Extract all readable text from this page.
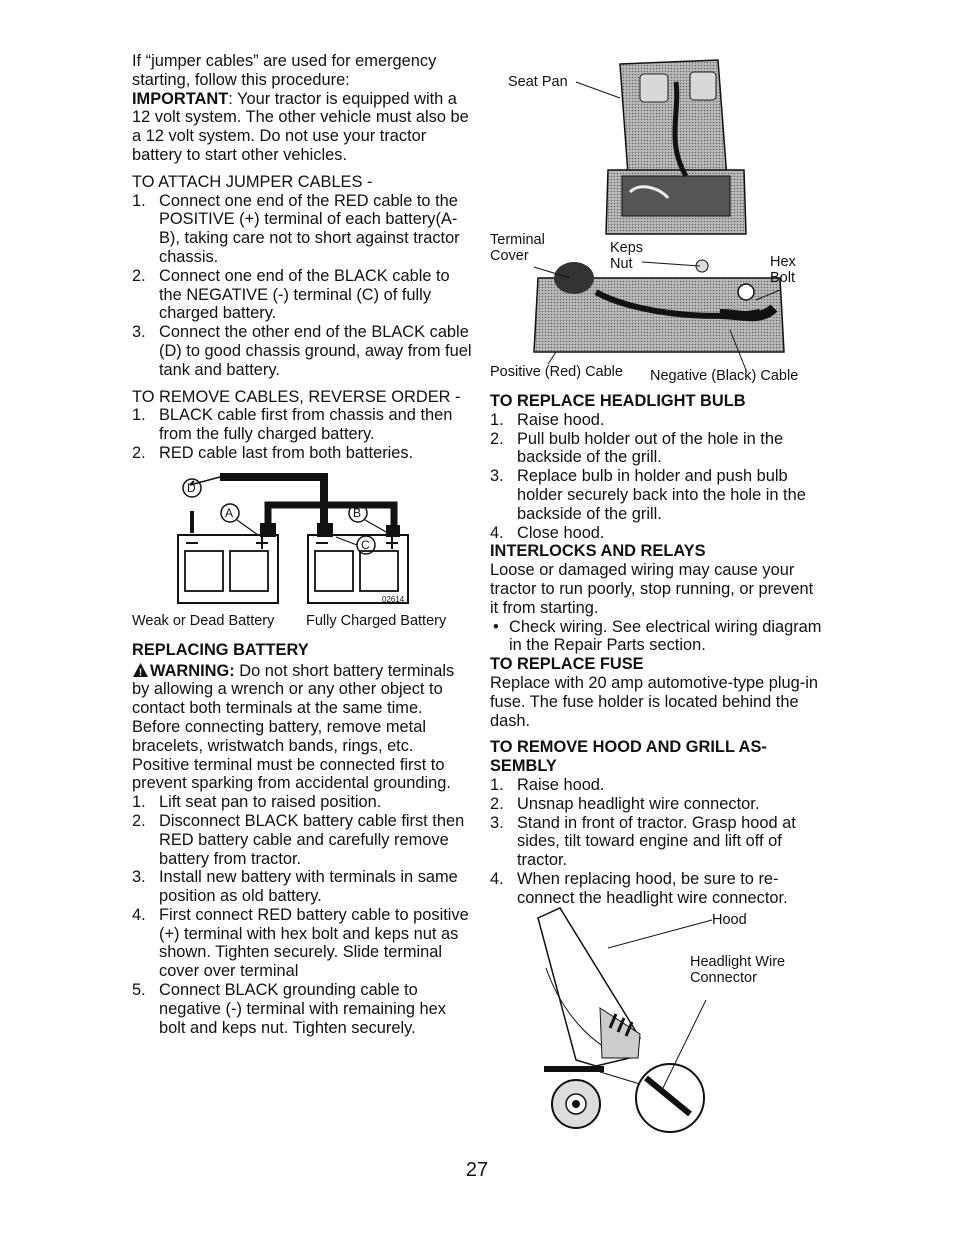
If “jumper cables” are used for emergency starting, follow this procedure:
IMPORTANT: Your tractor is equipped with a 12 volt system. The other vehicle must also be a 12 volt system. Do not use your tractor battery to start other vehicles.

TO ATTACH JUMPER CABLES -

1. Connect one end of the RED cable to the POSITIVE (+) terminal of each battery(A-B), taking care not to short against tractor chassis.
2. Connect one end of the BLACK cable to the NEGATIVE (-) terminal (C) of fully charged battery.
3. Connect the other end of the BLACK cable (D) to good chassis ground, away from fuel tank and battery.

TO REMOVE CABLES, REVERSE ORDER -

1. BLACK cable first from chassis and then from the fully charged battery.
2. RED cable last from both batteries.
D
A	B
C
02614
Weak or Dead Battery Fully Charged Battery
REPLACING BATTERY

! WARNING: Do not short battery terminals by allowing a wrench or any other object to contact both terminals at the same time. Before connecting battery, remove metal bracelets, wristwatch bands, rings, etc.

Positive terminal must be connected first to prevent sparking from accidental grounding.

1. Lift seat pan to raised position.
2. Disconnect BLACK battery cable first then RED battery cable and carefully remove battery from tractor.
3. Install new battery with terminals in same position as old battery.
4. First connect RED battery cable to positive (+) terminal with hex bolt and keps nut as shown. Tighten securely. Slide terminal cover over terminal
5. Connect BLACK grounding cable to negative (-) terminal with remaining hex bolt and keps nut. Tighten securely.
Seat Pan
Terminal Cover	Keps Nut	Hex Bolt
Positive (Red) Cable Negative (Black) Cable
TO REPLACE HEADLIGHT BULB
1. Raise hood.
2. Pull bulb holder out of the hole in the backside of the grill.
3. Replace bulb in holder and push bulb holder securely back into the hole in the backside of the grill.
4. Close hood.
INTERLOCKS AND RELAYS

Loose or damaged wiring may cause your tractor to run poorly, stop running, or prevent it from starting.

• Check wiring. See electrical wiring diagram in the Repair Parts section.
TO REPLACE FUSE

Replace with 20 amp automotive-type plug-in fuse. The fuse holder is located behind the dash.

TO REMOVE HOOD AND GRILL AS-SEMBLY
1. Raise hood.
2. Unsnap headlight wire connector.
3. Stand in front of tractor. Grasp hood at sides, tilt toward engine and lift off of tractor.
4. When replacing hood, be sure to re-connect the headlight wire connector.
Hood
Headlight Wire Connector
27
